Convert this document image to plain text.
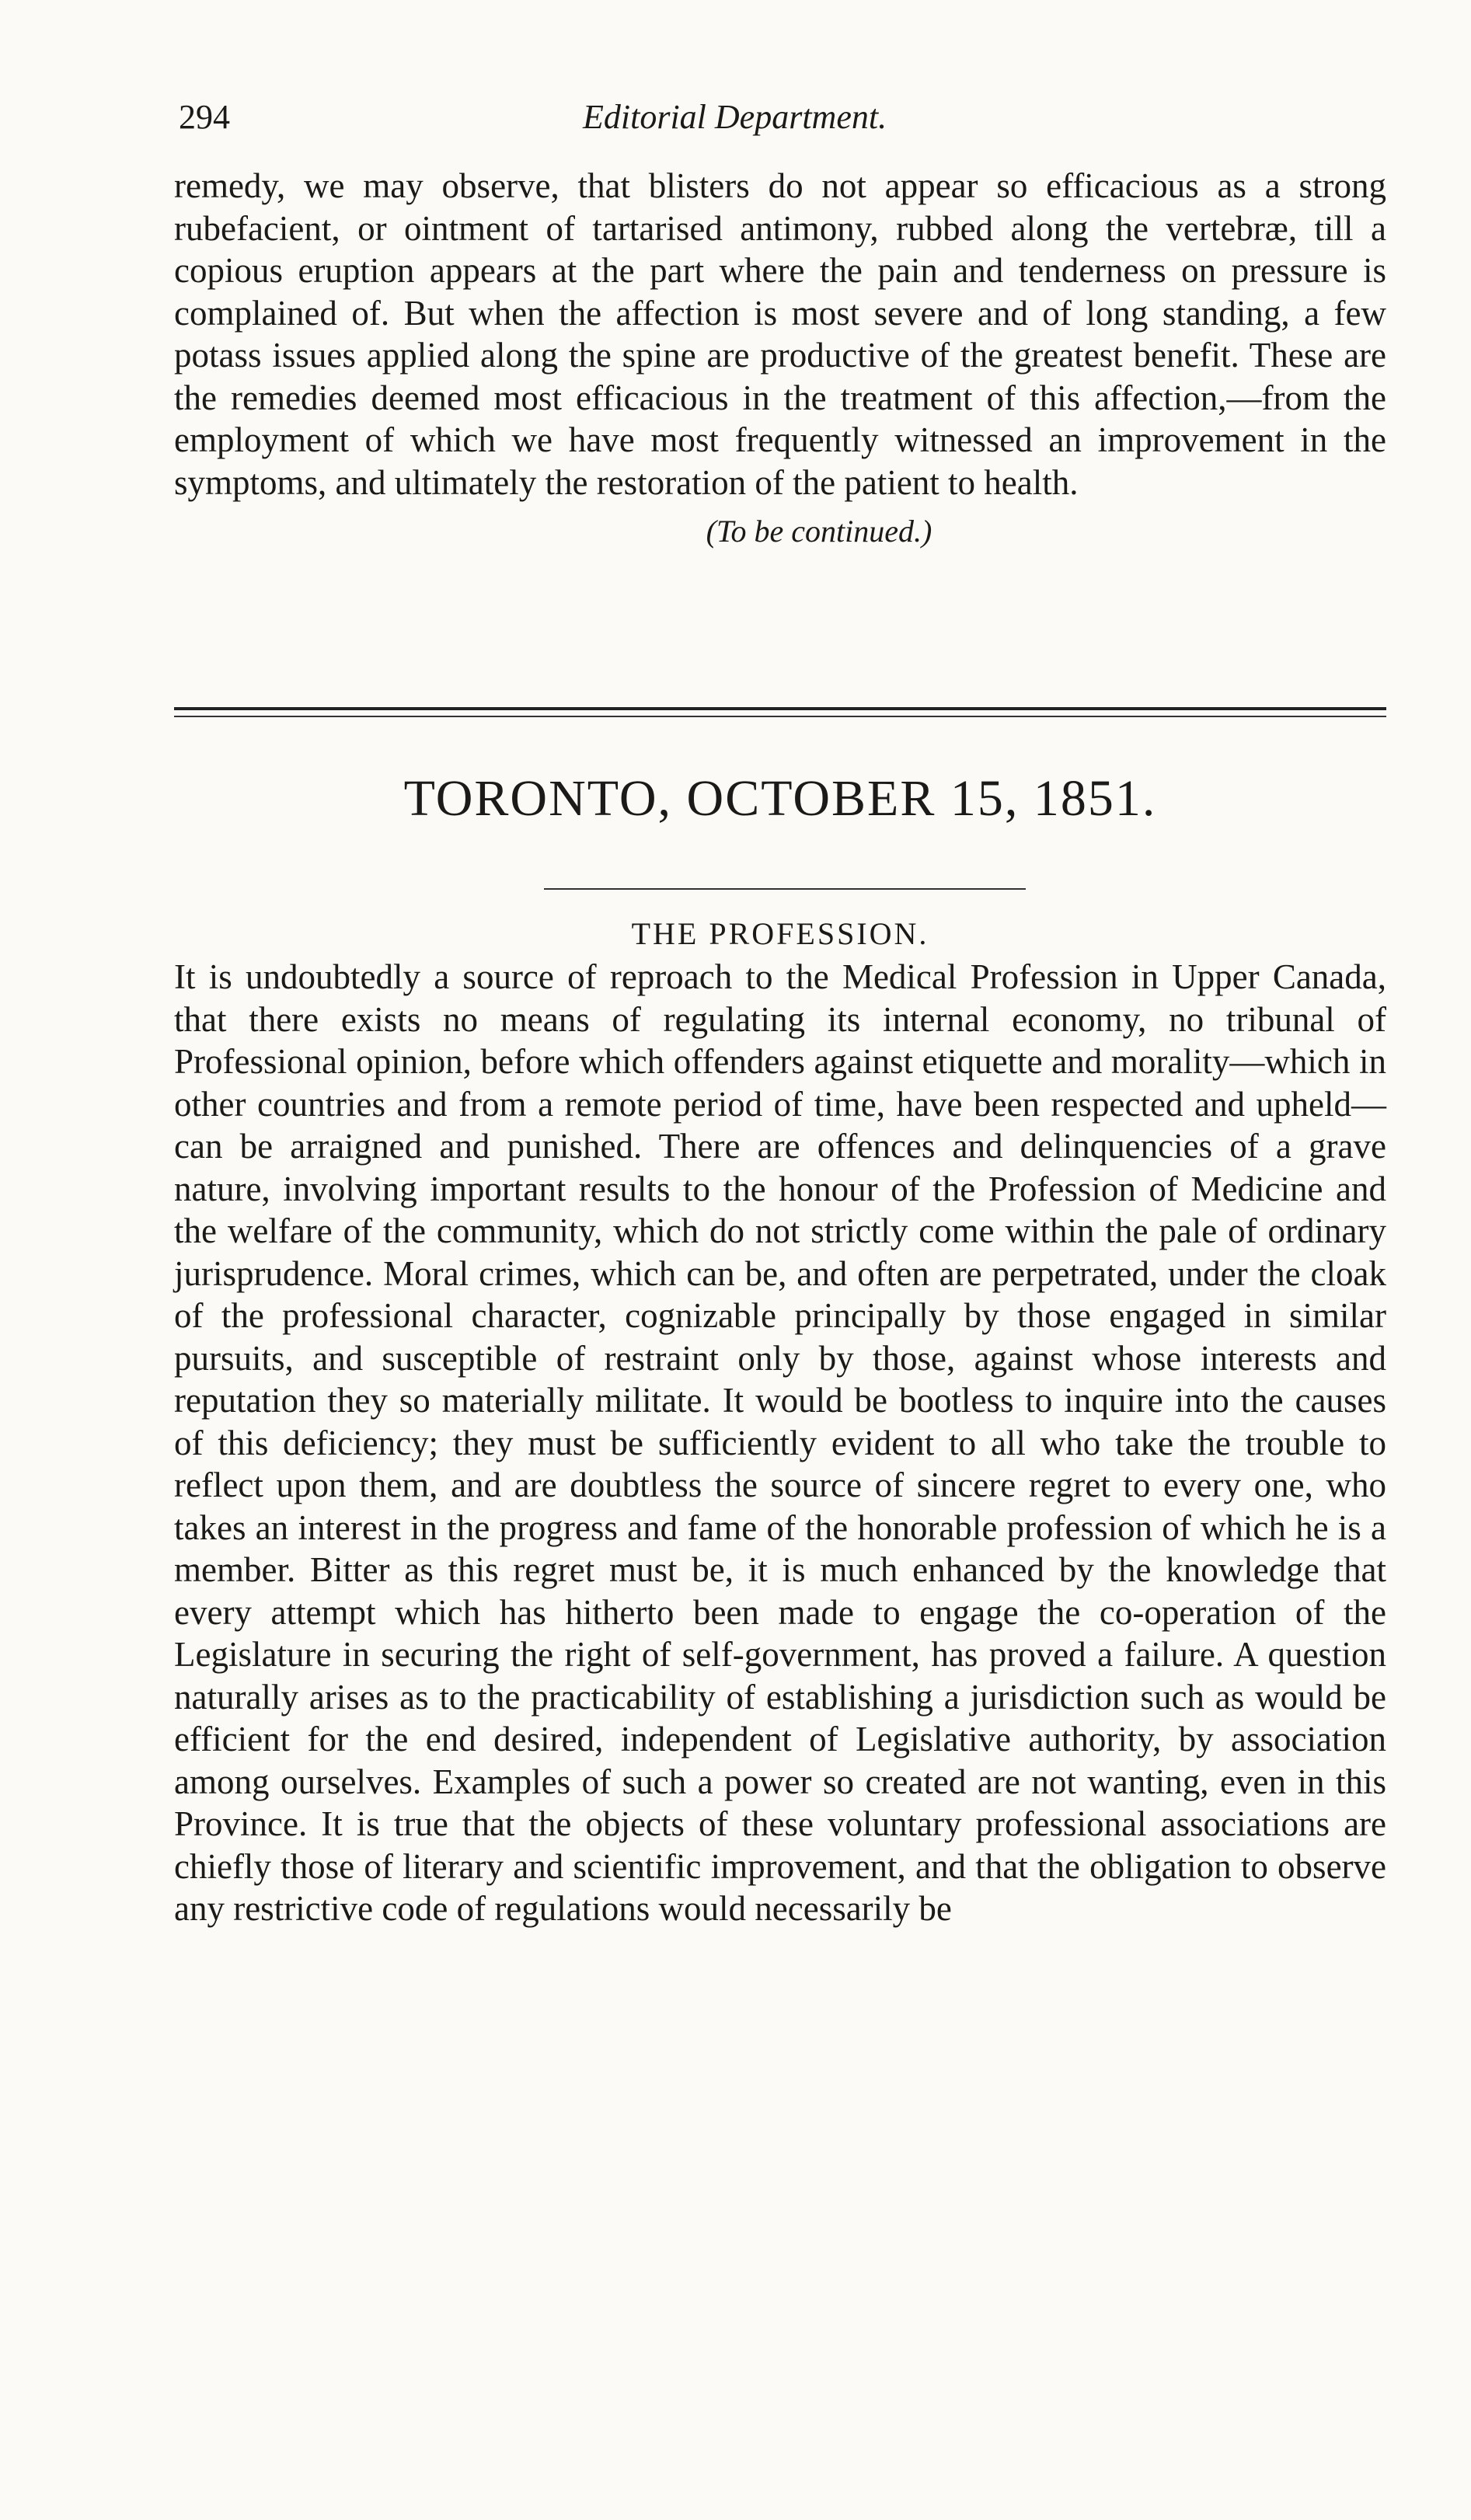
294	Editorial Department.

remedy, we may observe, that blisters do not appear so efficacious as a strong rubefacient, or ointment of tartarised antimony, rubbed along the vertebræ, till a copious eruption appears at the part where the pain and tenderness on pressure is complained of. But when the affection is most severe and of long standing, a few potass issues applied along the spine are productive of the greatest benefit. These are the remedies deemed most efficacious in the treatment of this affection,—from the employment of which we have most frequently witnessed an improvement in the symptoms, and ultimately the restoration of the patient to health.

(To be continued.)
TORONTO, OCTOBER 15, 1851.
THE PROFESSION.

It is undoubtedly a source of reproach to the Medical Profession in Upper Canada, that there exists no means of regulating its internal economy, no tribunal of Professional opinion, before which offenders against etiquette and morality—which in other countries and from a remote period of time, have been respected and upheld—can be arraigned and punished. There are offences and delinquencies of a grave nature, involving important results to the honour of the Profession of Medicine and the welfare of the community, which do not strictly come within the pale of ordinary jurisprudence. Moral crimes, which can be, and often are perpetrated, under the cloak of the professional character, cognizable principally by those engaged in similar pursuits, and susceptible of restraint only by those, against whose interests and reputation they so materially militate. It would be bootless to inquire into the causes of this deficiency; they must be sufficiently evident to all who take the trouble to reflect upon them, and are doubtless the source of sincere regret to every one, who takes an interest in the progress and fame of the honorable profession of which he is a member. Bitter as this regret must be, it is much enhanced by the knowledge that every attempt which has hitherto been made to engage the co-operation of the Legislature in securing the right of self-government, has proved a failure. A question naturally arises as to the practicability of establishing a jurisdiction such as would be efficient for the end desired, independent of Legislative authority, by association among ourselves. Examples of such a power so created are not wanting, even in this Province. It is true that the objects of these voluntary professional associations are chiefly those of literary and scientific improvement, and that the obligation to observe any restrictive code of regulations would necessarily be
